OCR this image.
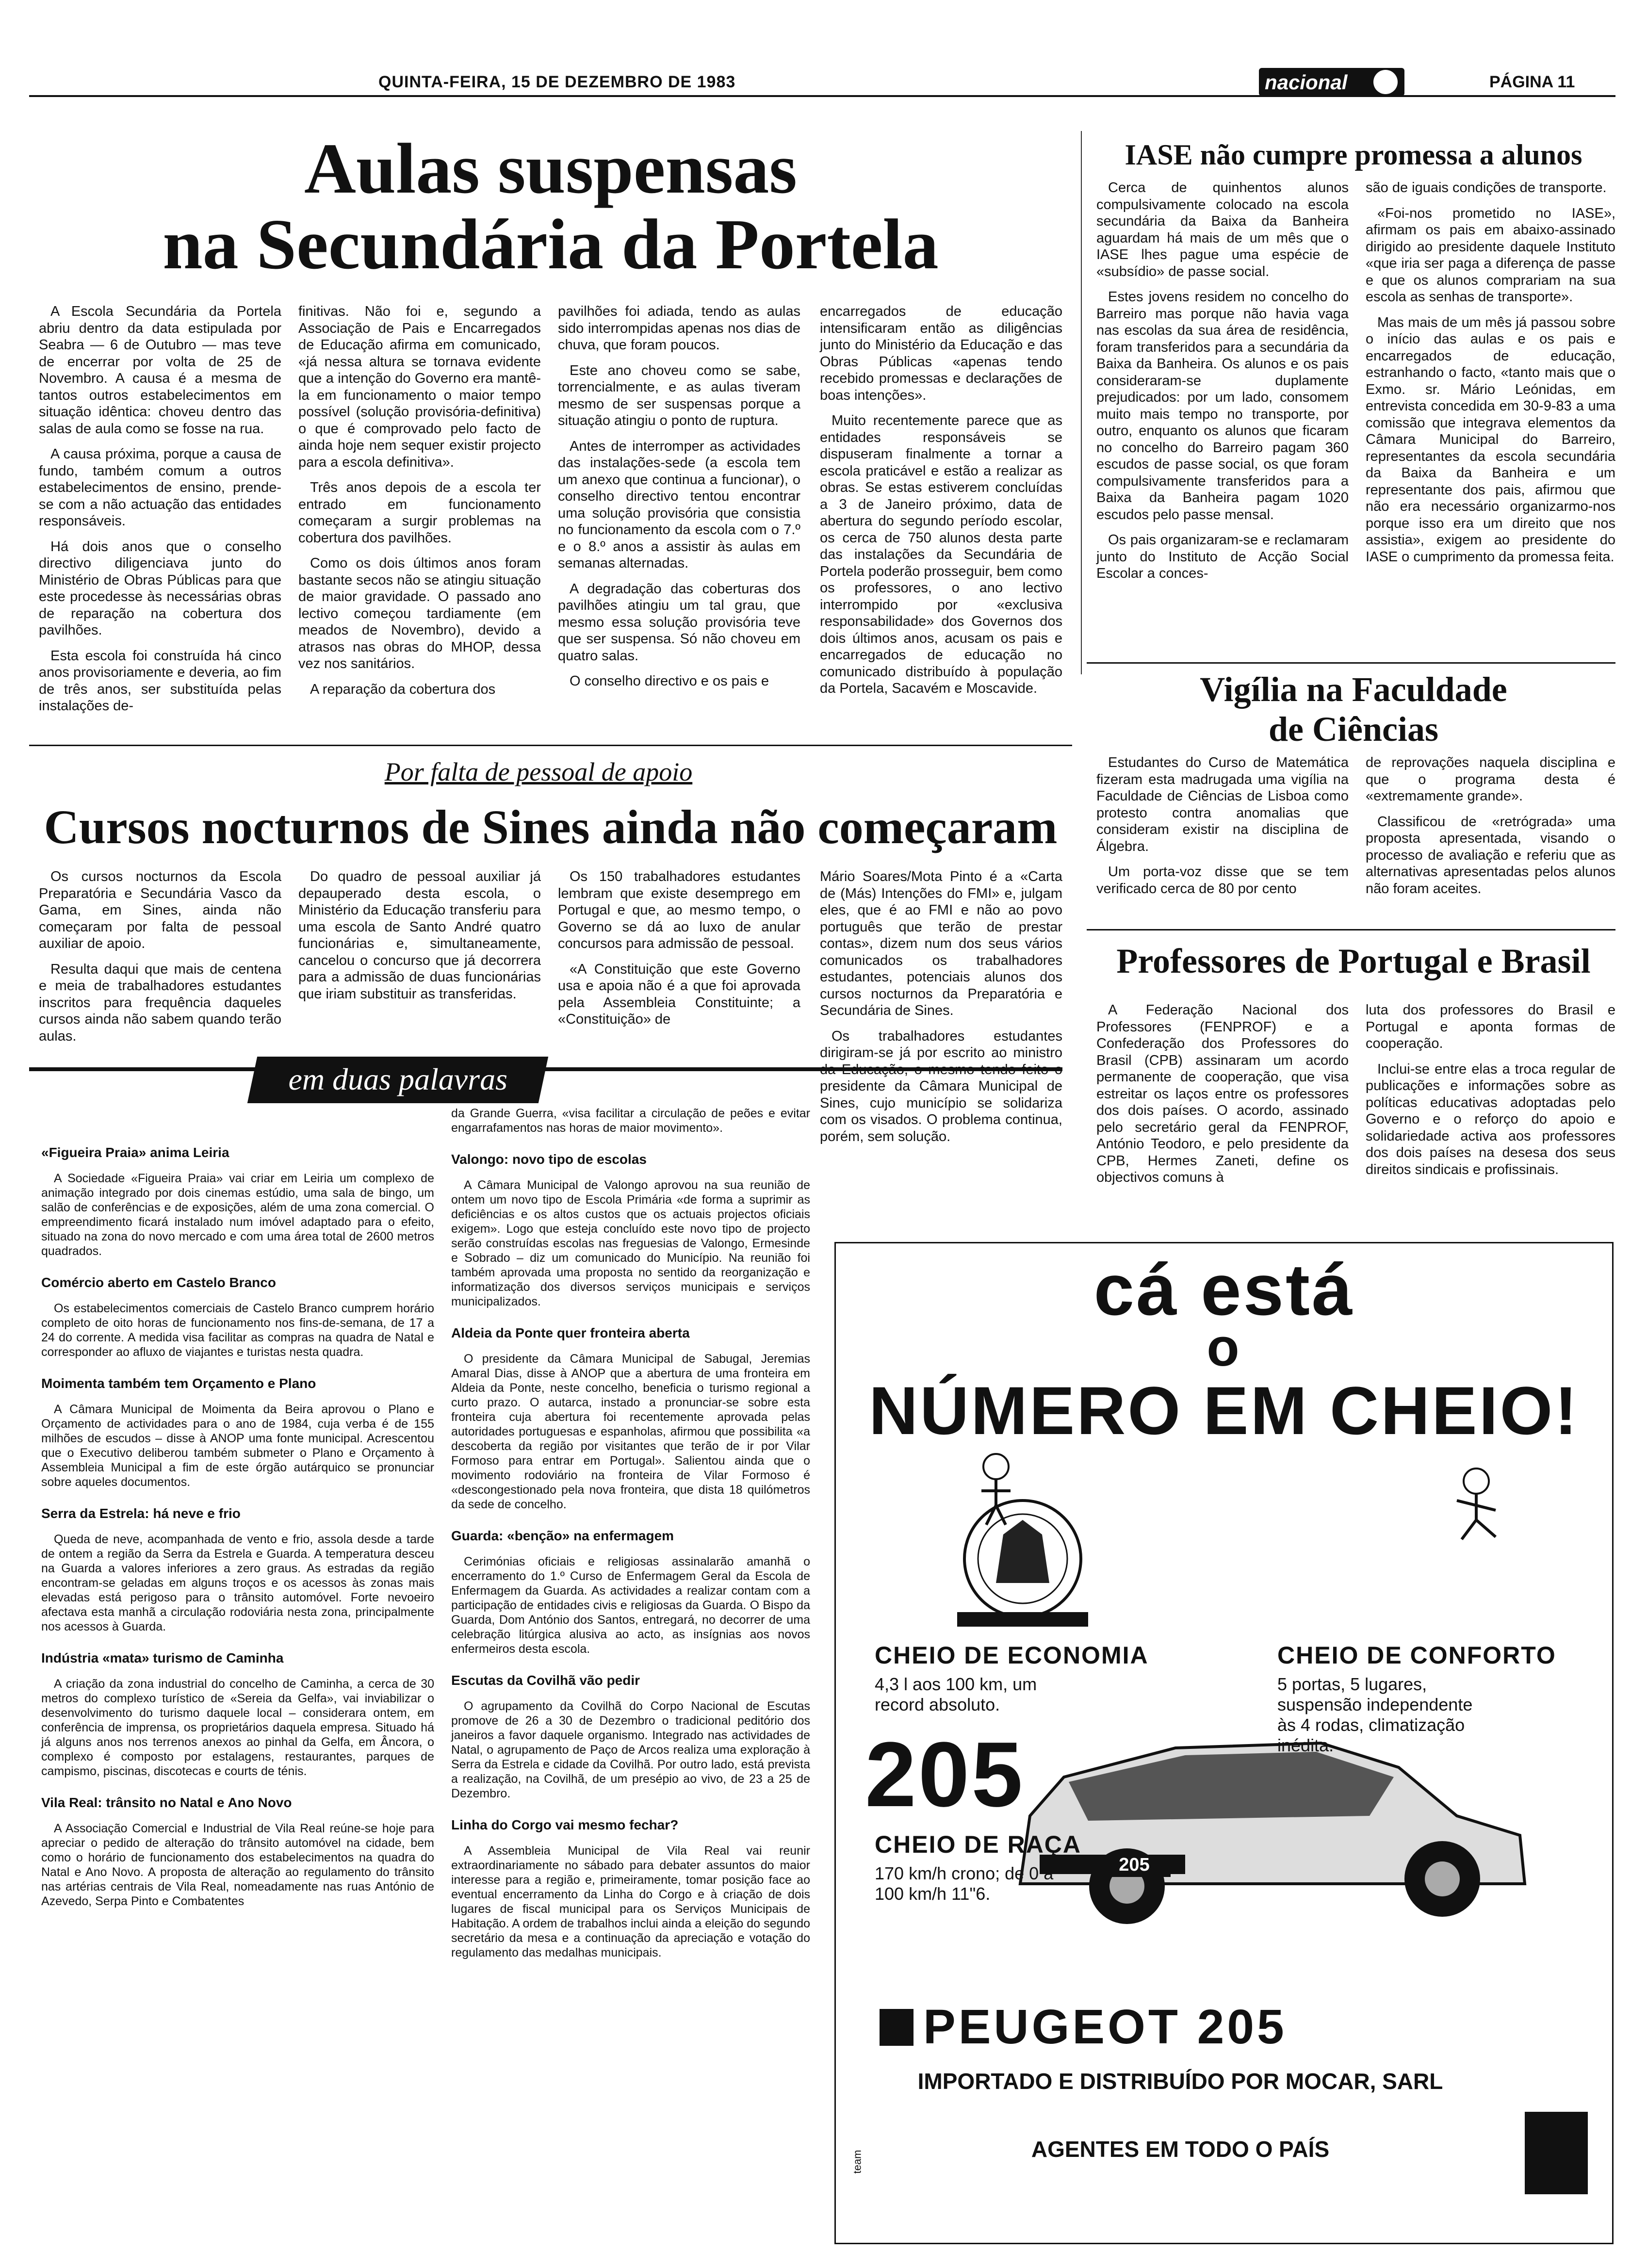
QUINTA-FEIRA, 15 DE DEZEMBRO DE 1983	nacional	PÁGINA 11
Aulas suspensas
na Secundária da Portela

A Escola Secundária da Portela abriu dentro da data estipulada por Seabra — 6 de Outubro — mas teve de encerrar por volta de 25 de Novembro. A causa é a mesma de tantos outros estabelecimentos em situação idêntica: choveu dentro das salas de aula como se fosse na rua.

A causa próxima, porque a causa de fundo, também comum a outros estabelecimentos de ensino, prende-se com a não actuação das entidades responsáveis.

Há dois anos que o conselho directivo diligenciava junto do Ministério de Obras Públicas para que este procedesse às necessárias obras de reparação na cobertura dos pavilhões.

Esta escola foi construída há cinco anos provisoriamente e deveria, ao fim de três anos, ser substituída pelas instalações de-

finitivas. Não foi e, segundo a Associação de Pais e Encarregados de Educação afirma em comunicado, «já nessa altura se tornava evidente que a intenção do Governo era mantê-la em funcionamento o maior tempo possível (solução provisória-definitiva) o que é comprovado pelo facto de ainda hoje nem sequer existir projecto para a escola definitiva».

Três anos depois de a escola ter entrado em funcionamento começaram a surgir problemas na cobertura dos pavilhões.

Como os dois últimos anos foram bastante secos não se atingiu situação de maior gravidade. O passado ano lectivo começou tardiamente (em meados de Novembro), devido a atrasos nas obras do MHOP, dessa vez nos sanitários.

A reparação da cobertura dos

pavilhões foi adiada, tendo as aulas sido interrompidas apenas nos dias de chuva, que foram poucos.

Este ano choveu como se sabe, torrencialmente, e as aulas tiveram mesmo de ser suspensas porque a situação atingiu o ponto de ruptura.

Antes de interromper as actividades das instalações-sede (a escola tem um anexo que continua a funcionar), o conselho directivo tentou encontrar uma solução provisória que consistia no funcionamento da escola com o 7.º e o 8.º anos a assistir às aulas em semanas alternadas.

A degradação das coberturas dos pavilhões atingiu um tal grau, que mesmo essa solução provisória teve que ser suspensa. Só não choveu em quatro salas.

O conselho directivo e os pais e

encarregados de educação intensificaram então as diligências junto do Ministério da Educação e das Obras Públicas «apenas tendo recebido promessas e declarações de boas intenções».

Muito recentemente parece que as entidades responsáveis se dispuseram finalmente a tornar a escola praticável e estão a realizar as obras. Se estas estiverem concluídas a 3 de Janeiro próximo, data de abertura do segundo período escolar, os cerca de 750 alunos desta parte das instalações da Secundária de Portela poderão prosseguir, bem como os professores, o ano lectivo interrompido por «exclusiva responsabilidade» dos Governos dos dois últimos anos, acusam os pais e encarregados de educação no comunicado distribuído à população da Portela, Sacavém e Moscavide.

IASE não cumpre promessa a alunos

Cerca de quinhentos alunos compulsivamente colocado na escola secundária da Baixa da Banheira aguardam há mais de um mês que o IASE lhes pague uma espécie de «subsídio» de passe social.

Estes jovens residem no concelho do Barreiro mas porque não havia vaga nas escolas da sua área de residência, foram transferidos para a secundária da Baixa da Banheira. Os alunos e os pais consideraram-se duplamente prejudicados: por um lado, consomem muito mais tempo no transporte, por outro, enquanto os alunos que ficaram no concelho do Barreiro pagam 360 escudos de passe social, os que foram compulsivamente transferidos para a Baixa da Banheira pagam 1020 escudos pelo passe mensal.

Os pais organizaram-se e reclamaram junto do Instituto de Acção Social Escolar a conces-

são de iguais condições de transporte.

«Foi-nos prometido no IASE», afirmam os pais em abaixo-assinado dirigido ao presidente daquele Instituto «que iria ser paga a diferença de passe e que os alunos comprariam na sua escola as senhas de transporte».

Mas mais de um mês já passou sobre o início das aulas e os pais e encarregados de educação, estranhando o facto, «tanto mais que o Exmo. sr. Mário Leónidas, em entrevista concedida em 30-9-83 a uma comissão que integrava elementos da Câmara Municipal do Barreiro, representantes da escola secundária da Baixa da Banheira e um representante dos pais, afirmou que não era necessário organizarmo-nos porque isso era um direito que nos assistia», exigem ao presidente do IASE o cumprimento da promessa feita.

Vigília na Faculdade
de Ciências

Estudantes do Curso de Matemática fizeram esta madrugada uma vigília na Faculdade de Ciências de Lisboa como protesto contra anomalias que consideram existir na disciplina de Álgebra.

Um porta-voz disse que se tem verificado cerca de 80 por cento

de reprovações naquela disciplina e que o programa desta é «extremamente grande».

Classificou de «retrógrada» uma proposta apresentada, visando o processo de avaliação e referiu que as alternativas apresentadas pelos alunos não foram aceites.

Por falta de pessoal de apoio
Cursos nocturnos de Sines ainda não começaram

Os cursos nocturnos da Escola Preparatória e Secundária Vasco da Gama, em Sines, ainda não começaram por falta de pessoal auxiliar de apoio.

Resulta daqui que mais de centena e meia de trabalhadores estudantes inscritos para frequência daqueles cursos ainda não sabem quando terão aulas.

Do quadro de pessoal auxiliar já depauperado desta escola, o Ministério da Educação transferiu para uma escola de Santo André quatro funcionárias e, simultaneamente, cancelou o concurso que já decorrera para a admissão de duas funcionárias que iriam substituir as transferidas.

Os 150 trabalhadores estudantes lembram que existe desemprego em Portugal e que, ao mesmo tempo, o Governo se dá ao luxo de anular concursos para admissão de pessoal.

«A Constituição que este Governo usa e apoia não é a que foi aprovada pela Assembleia Constituinte; a «Constituição» de

Mário Soares/Mota Pinto é a «Carta de (Más) Intenções do FMI» e, julgam eles, que é ao FMI e não ao povo português que terão de prestar contas», dizem num dos seus vários comunicados os trabalhadores estudantes, potenciais alunos dos cursos nocturnos da Preparatória e Secundária de Sines.

Os trabalhadores estudantes dirigiram-se já por escrito ao ministro presidente da Câmara Municipal de Sines, cujo município se solidariza com os visados. O problema continua, porém, sem solução.

Professores de Portugal e Brasil

A Federação Nacional dos Professores (FENPROF) e a Confederação dos Professores do Brasil (CPB) assinaram um acordo permanente de cooperação, que visa estreitar os laços entre os professores dos dois países. O acordo, assinado pelo secretário geral da FENPROF, António Teodoro, e pelo presidente da CPB, Hermes Zaneti, define os objectivos comuns à

luta dos professores do Brasil e Portugal e aponta formas de cooperação.

Inclui-se entre elas a troca regular de publicações e informações sobre as políticas educativas adoptadas pelo Governo e o reforço do apoio e solidariedade activa aos professores dos dois países na desesa dos seus direitos sindicais e profissinais.

em duas palavras
«Figueira Praia» anima Leiria

A Sociedade «Figueira Praia» vai criar em Leiria um complexo de animação integrado por dois cinemas estúdio, uma sala de bingo, um salão de conferências e de exposições, além de uma zona comercial. O empreendimento ficará instalado num imóvel adaptado para o efeito, situado na zona do novo mercado e com uma área total de 2600 metros quadrados.

Comércio aberto em Castelo Branco

Os estabelecimentos comerciais de Castelo Branco cumprem horário completo de oito horas de funcionamento nos fins-de-semana, de 17 a 24 do corrente. A medida visa facilitar as compras na quadra de Natal e corresponder ao afluxo de viajantes e turistas nesta quadra.

Moimenta também tem Orçamento e Plano

A Câmara Municipal de Moimenta da Beira aprovou o Plano e Orçamento de actividades para o ano de 1984, cuja verba é de 155 milhões de escudos – disse à ANOP uma fonte municipal. Acrescentou que o Executivo deliberou também submeter o Plano e Orçamento à Assembleia Municipal a fim de este órgão autárquico se pronunciar sobre aqueles documentos.

Serra da Estrela: há neve e frio

Queda de neve, acompanhada de vento e frio, assola desde a tarde de ontem a região da Serra da Estrela e Guarda. A temperatura desceu na Guarda a valores inferiores a zero graus. As estradas da região encontram-se geladas em alguns troços e os acessos às zonas mais elevadas está perigoso para o trânsito automóvel. Forte nevoeiro afectava esta manhã a circulação rodoviária nesta zona, principalmente nos acessos à Guarda.

Indústria «mata» turismo de Caminha

A criação da zona industrial do concelho de Caminha, a cerca de 30 metros do complexo turístico de «Sereia da Gelfa», vai inviabilizar o desenvolvimento do turismo daquele local – considerara ontem, em conferência de imprensa, os proprietários daquela empresa. Situado há já alguns anos nos terrenos anexos ao pinhal da Gelfa, em Âncora, o complexo é composto por estalagens, restaurantes, parques de campismo, piscinas, discotecas e courts de ténis.

Vila Real: trânsito no Natal e Ano Novo

A Associação Comercial e Industrial de Vila Real reúne-se hoje para apreciar o pedido de alteração do trânsito automóvel na cidade, bem como o horário de funcionamento dos estabelecimentos na quadra do Natal e Ano Novo. A proposta de alteração ao regulamento do trânsito nas artérias centrais de Vila Real, nomeadamente nas ruas António de Azevedo, Serpa Pinto e Combatentes

da Grande Guerra, «visa facilitar a circulação de peões e evitar engarrafamentos nas horas de maior movimento».

Valongo: novo tipo de escolas

A Câmara Municipal de Valongo aprovou na sua reunião de ontem um novo tipo de Escola Primária «de forma a suprimir as deficiências e os altos custos que os actuais projectos oficiais exigem». Logo que esteja concluído este novo tipo de projecto serão construídas escolas nas freguesias de Valongo, Ermesinde e Sobrado – diz um comunicado do Município. Na reunião foi também aprovada uma proposta no sentido da reorganização e informatização dos diversos serviços municipais e serviços municipalizados.

Aldeia da Ponte quer fronteira aberta

O presidente da Câmara Municipal de Sabugal, Jeremias Amaral Dias, disse à ANOP que a abertura de uma fronteira em Aldeia da Ponte, neste concelho, beneficia o turismo regional a curto prazo. O autarca, instado a pronunciar-se sobre esta fronteira cuja abertura foi recentemente aprovada pelas autoridades portuguesas e espanholas, afirmou que possibilita «a descoberta da região por visitantes que terão de ir por Vilar Formoso para entrar em Portugal». Salientou ainda que o movimento rodoviário na fronteira de Vilar Formoso é «descongestionado pela nova fronteira, que dista 18 quilómetros da sede de concelho.

Guarda: «benção» na enfermagem

Cerimónias oficiais e religiosas assinalarão amanhã o encerramento do 1.º Curso de Enfermagem Geral da Escola de Enfermagem da Guarda. As actividades a realizar contam com a participação de entidades civis e religiosas da Guarda. O Bispo da Guarda, Dom António dos Santos, entregará, no decorrer de uma celebração litúrgica alusiva ao acto, as insígnias aos novos enfermeiros desta escola.

Escutas da Covilhã vão pedir

O agrupamento da Covilhã do Corpo Nacional de Escutas promove de 26 a 30 de Dezembro o tradicional peditório dos janeiros a favor daquele organismo. Integrado nas actividades de Natal, o agrupamento de Paço de Arcos realiza uma exploração à Serra da Estrela e cidade da Covilhã. Por outro lado, está prevista a realização, na Covilhã, de um presépio ao vivo, de 23 a 25 de Dezembro.

Linha do Corgo vai mesmo fechar?

A Assembleia Municipal de Vila Real vai reunir extraordinariamente no sábado para debater assuntos do maior interesse para a região e, primeiramente, tomar posição face ao eventual encerramento da Linha do Corgo e à criação de dois lugares de fiscal municipal para os Serviços Municipais de Habitação. A ordem de trabalhos inclui ainda a eleição do segundo secretário da mesa e a continuação da apreciação e votação do regulamento das medalhas municipais.

cá está
o
NÚMERO EM CHEIO!
CHEIO DE ECONOMIA
4,3 l aos 100 km, um record absoluto.
CHEIO DE CONFORTO
5 portas, 5 lugares, suspensão independente às 4 rodas, climatização inédita.
205
CHEIO DE RAÇA
170 km/h crono; de 0 a 100 km/h 11"6.
205
PEUGEOT 205
IMPORTADO E DISTRIBUÍDO POR MOCAR, SARL
AGENTES EM TODO O PAÍS
team
